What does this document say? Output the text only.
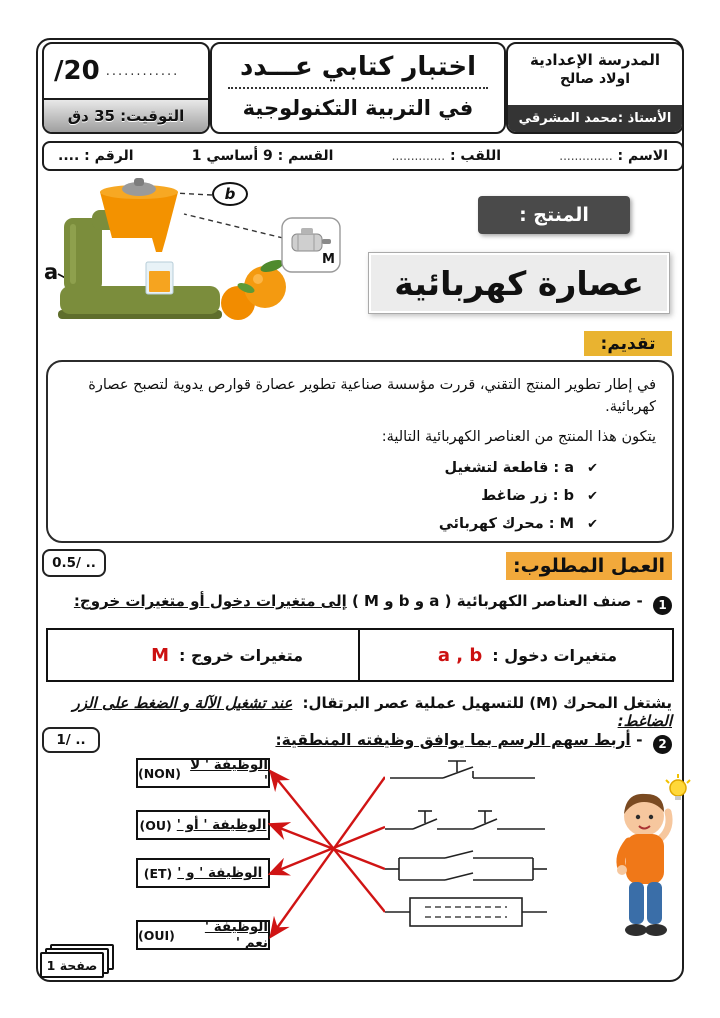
/20 ............
التوقيت: 35 دق
اختبار كتابي عـــدد
في التربية التكنولوجية
المدرسة الإعدادية
اولاد صالح
الأستاذ :محمد المشرقي
الاسم : ..............
اللقب : ..............
القسم : 9 أساسي 1
الرقم : ....
a
b
M
المنتج :
عصارة كهربائية
تقديم:

في إطار تطوير المنتج التقني، قررت مؤسسة صناعية تطوير عصارة قوارص يدوية لتصبح عصارة كهربائية.

يتكون هذا المنتج من العناصر الكهربائية التالية:

✔ a : قاطعة لتشغيل
✔ b : زر ضاغط
✔ M : محرك كهربائي
العمل المطلوب:
0.5/ ..
1 - صنف العناصر الكهربائية ( a و b و M ) إلى متغيرات دخول أو متغيرات خروج:
متغيرات دخول :
a , b
متغيرات خروج :
M
يشتغل المحرك (M) للتسهيل عملية عصر البرتقال: عند تشغيل الآلة و الضغط على الزر الضاغط:
1/ ..	2 - أربط سهم الرسم بما يوافق وظيفته المنطقية:
الوظيفة ' لا '
(NON)
الوظيفة ' أو '
(OU)
الوظيفة ' و '
(ET)
الوظيفة ' نعم '
(OUI)
صفحة 1
